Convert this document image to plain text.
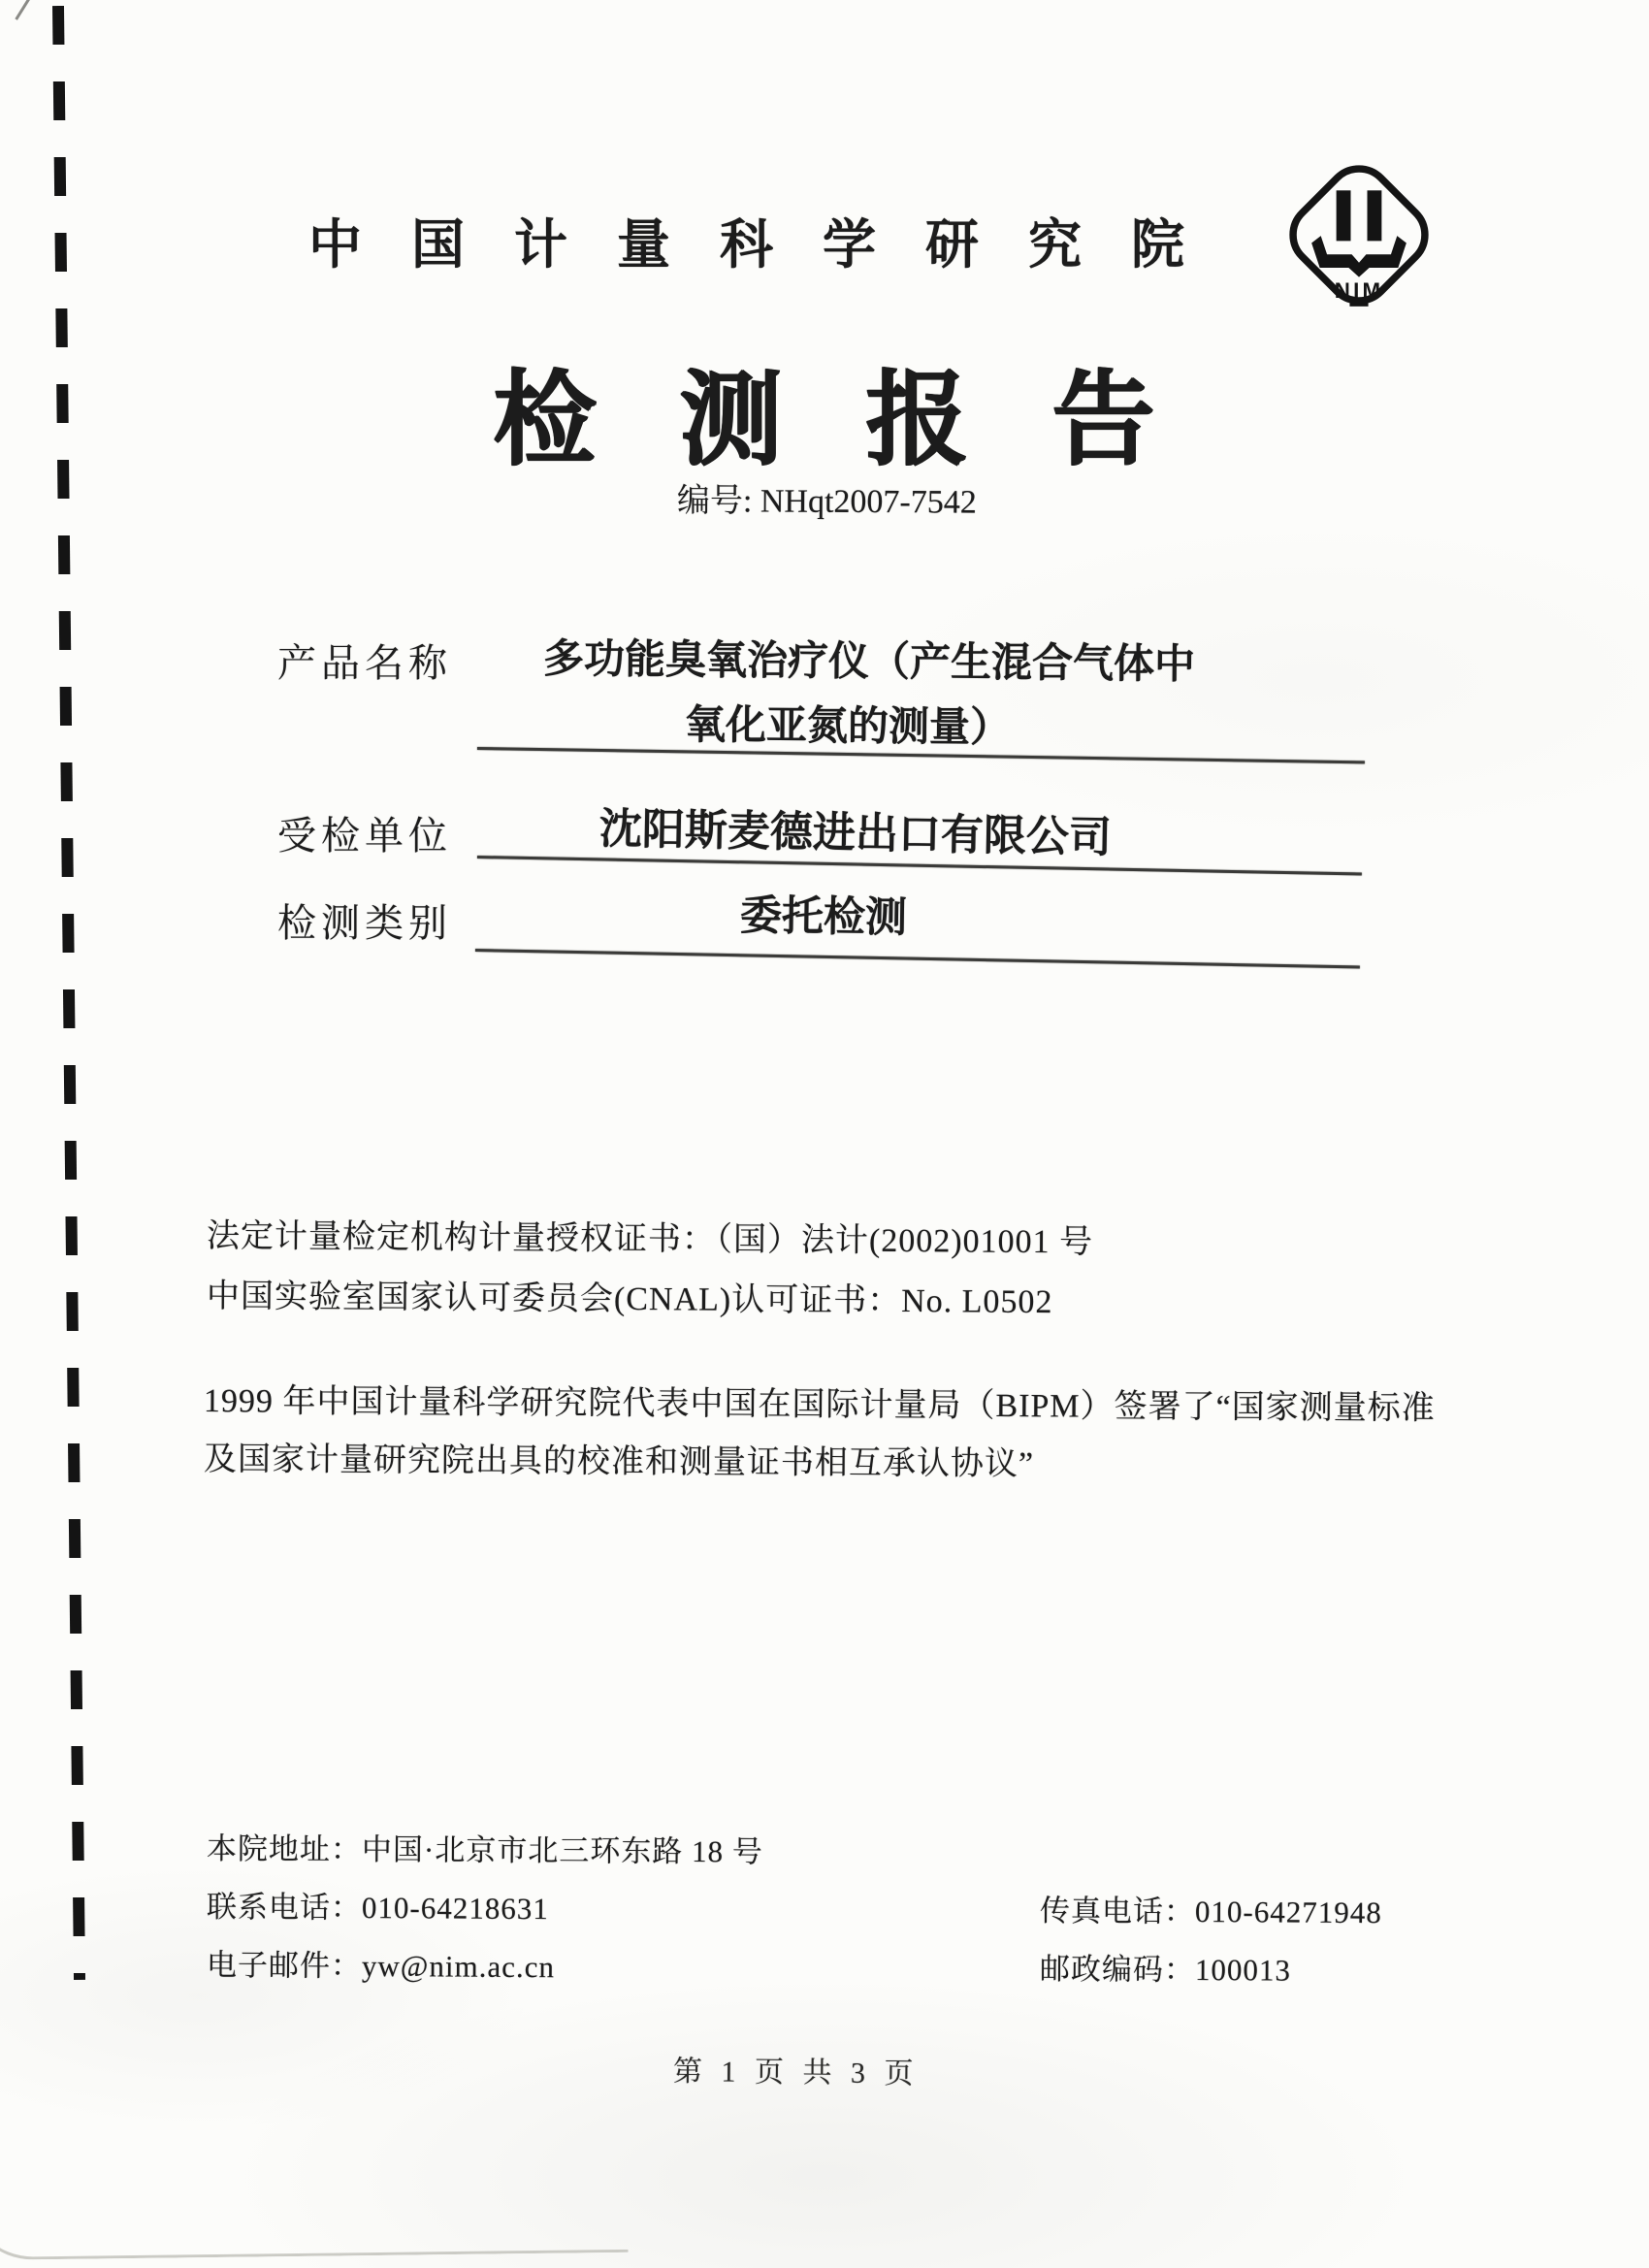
中国计量科学研究院
NIM
检测报告
编号: NHqt2007-7542
产品名称 多功能臭氧治疗仪（产生混合气体中
氧化亚氮的测量）
受检单位	沈阳斯麦德进出口有限公司
检测类别	委托检测
法定计量检定机构计量授权证书：（国）法计(2002)01001 号
中国实验室国家认可委员会(CNAL)认可证书：No. L0502
1999 年中国计量科学研究院代表中国在国际计量局（BIPM）签署了“国家测量标准
及国家计量研究院出具的校准和测量证书相互承认协议”
本院地址：中国·北京市北三环东路 18 号
联系电话：010-64218631
电子邮件：yw@nim.ac.cn
传真电话：010-64271948
邮政编码：100013
第 1 页 共 3 页
